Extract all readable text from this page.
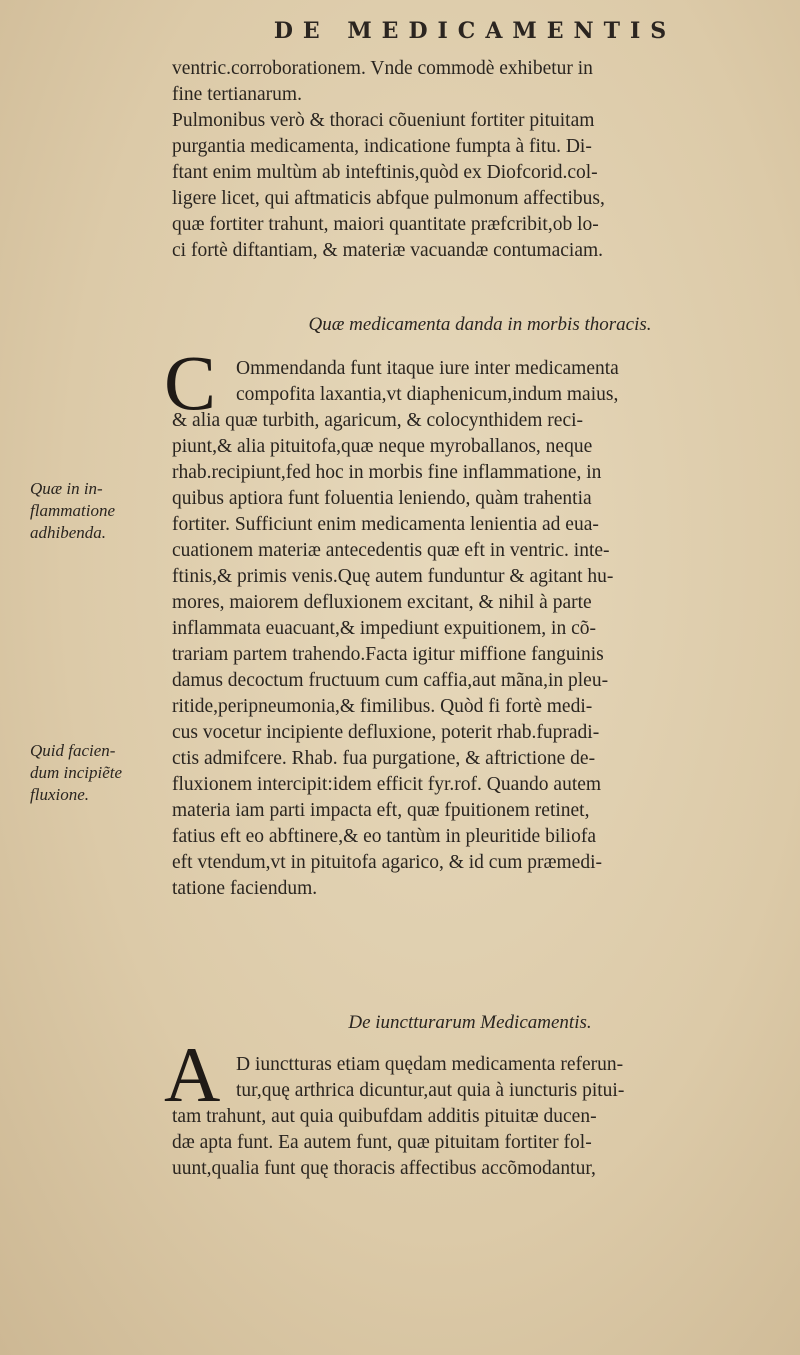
DE MEDICAMENTIS
ventric.corroborationem. Vnde commodè exhibetur in
fine tertianarum.
Pulmonibus verò & thoraci cõueniunt fortiter pituitam
purgantia medicamenta, indicatione fumpta à fitu. Di-
ftant enim multùm ab inteftinis,quòd ex Diofcorid.col-
ligere licet, qui aftmaticis abfque pulmonum affectibus,
quæ fortiter trahunt, maiori quantitate præfcribit,ob lo-
ci fortè diftantiam, & materiæ vacuandæ contumaciam.
Quæ medicamenta danda in morbis thoracis.
C	Ommendanda funt itaque iure inter medicamenta
compofita laxantia,vt diaphenicum,indum maius,
& alia quæ turbith, agaricum, & colocynthidem reci-
piunt,& alia pituitofa,quæ neque myroballanos, neque
rhab.recipiunt,fed hoc in morbis fine inflammatione, in
quibus aptiora funt foluentia leniendo, quàm trahentia
fortiter. Sufficiunt enim medicamenta lenientia ad eua-
cuationem materiæ antecedentis quæ eft in ventric. inte-
ftinis,& primis venis.Quę autem funduntur & agitant hu-
mores, maiorem defluxionem excitant, & nihil à parte
inflammata euacuant,& impediunt expuitionem, in cõ-
trariam partem trahendo.Facta igitur miffione fanguinis
damus decoctum fructuum cum caffia,aut mãna,in pleu-
ritide,peripneumonia,& fimilibus. Quòd fi fortè medi-
cus vocetur incipiente defluxione, poterit rhab.fupradi-
ctis admifcere. Rhab. fua purgatione, & aftrictione de-
fluxionem intercipit:idem efficit fyr.rof. Quando autem
materia iam parti impacta eft, quæ fpuitionem retinet,
fatius eft eo abftinere,& eo tantùm in pleuritide biliofa
eft vtendum,vt in pituitofa agarico, & id cum præmedi-
tatione faciendum.
Quæ in in-
flammatione
adhibenda.
Quid facien-
dum incipiẽte
fluxione.
De iunctturarum Medicamentis.
A D iunctturas etiam quędam medicamenta referun-
tur,quę arthrica dicuntur,aut quia à iuncturis pitui-
tam trahunt, aut quia quibufdam additis pituitæ ducen-
dæ apta funt. Ea autem funt, quæ pituitam fortiter fol-
uunt,qualia funt quę thoracis affectibus accõmodantur,
